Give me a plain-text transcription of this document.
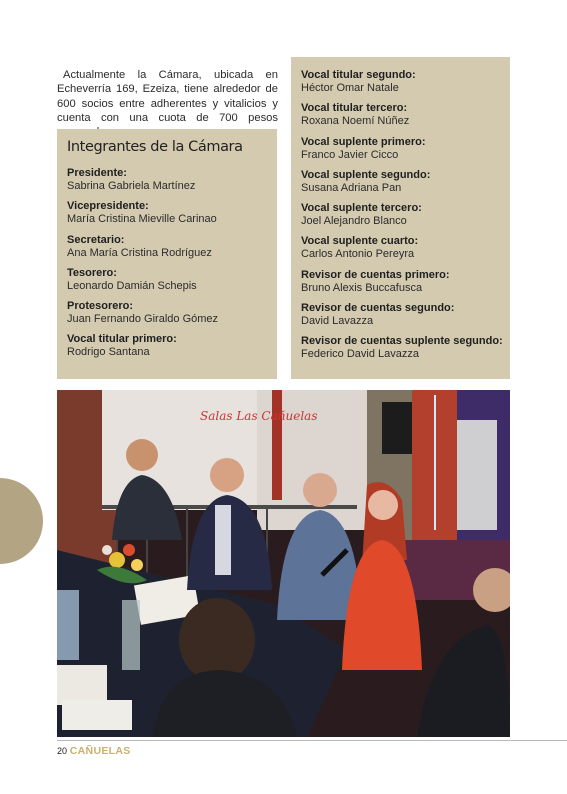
Actualmente la Cámara, ubicada en Echeverría 169, Ezeiza, tiene alrededor de 600 socios entre adherentes y vitalicios y cuenta con una cuota de 700 pesos

Integrantes de la Cámara
Presidente:
Sabrina Gabriela Martínez
Vicepresidente:
María Cristina Mieville Carinao
Secretario:
Ana María Cristina Rodríguez
Tesorero:
Leonardo Damián Schepis
Protesorero:
Juan Fernando Giraldo Gómez
Vocal titular primero:
Rodrigo Santana
Vocal titular segundo:
Héctor Omar Natale
Vocal titular tercero:
Roxana Noemí Núñez
Vocal suplente primero:
Franco Javier Cicco
Vocal suplente segundo:
Susana Adriana Pan
Vocal suplente tercero:
Joel Alejandro Blanco
Vocal suplente cuarto:
Carlos Antonio Pereyra
Revisor de cuentas primero:
Bruno Alexis Buccafusca
Revisor de cuentas segundo:
David Lavazza
Revisor de cuentas suplente segundo:
Federico David Lavazza
Salas Las Cañuelas
20 CAÑUELAS
